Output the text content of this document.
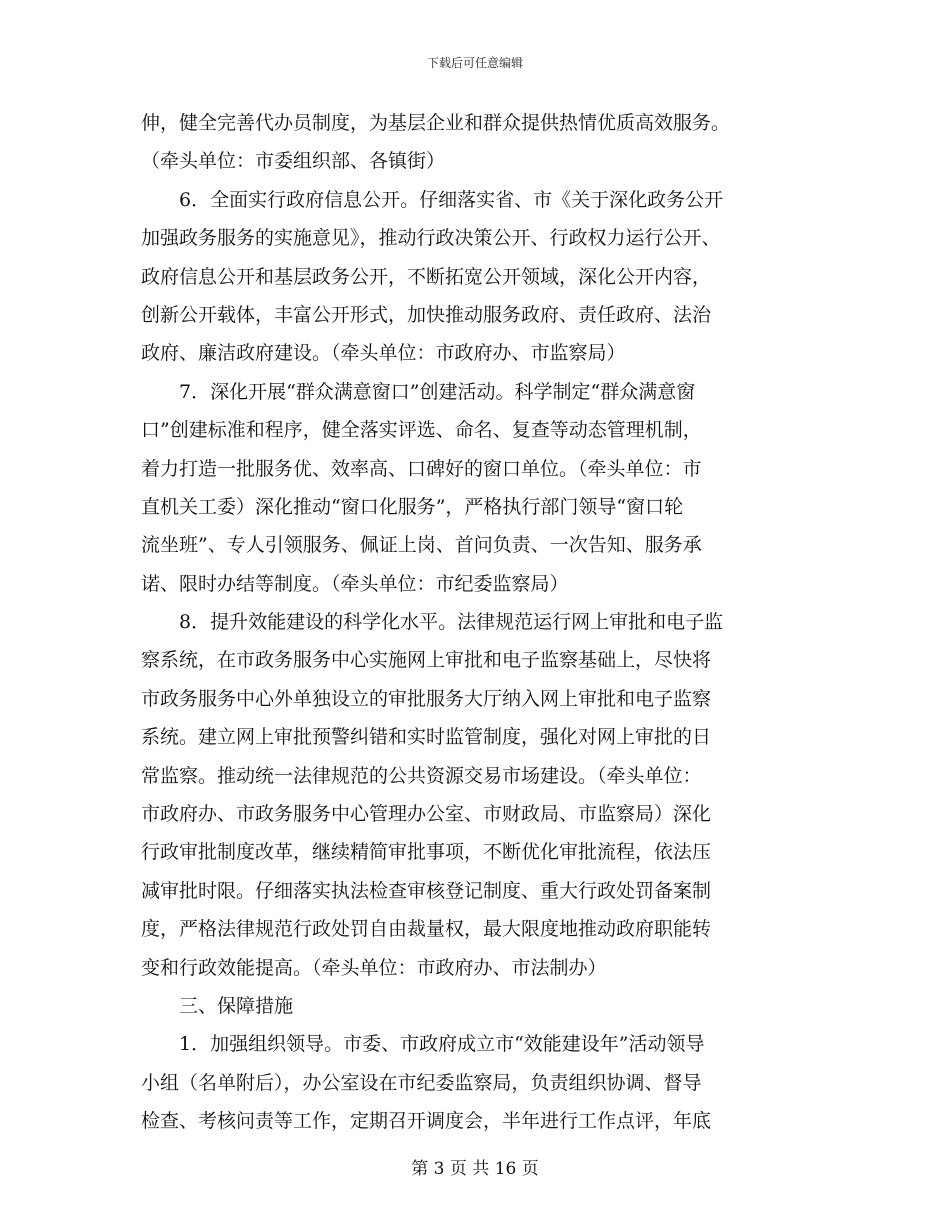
下载后可任意编辑
伸，健全完善代办员制度，为基层企业和群众提供热情优质高效服务。
（牵头单位：市委组织部、各镇街）
6．全面实行政府信息公开。仔细落实省、市《关于深化政务公开
加强政务服务的实施意见》，推动行政决策公开、行政权力运行公开、
政府信息公开和基层政务公开，不断拓宽公开领域，深化公开内容，
创新公开载体，丰富公开形式，加快推动服务政府、责任政府、法治
政府、廉洁政府建设。（牵头单位：市政府办、市监察局）
7．深化开展“群众满意窗口”创建活动。科学制定“群众满意窗
口”创建标准和程序，健全落实评选、命名、复查等动态管理机制，
着力打造一批服务优、效率高、口碑好的窗口单位。（牵头单位：市
直机关工委）深化推动“窗口化服务”，严格执行部门领导“窗口轮
流坐班”、专人引领服务、佩证上岗、首问负责、一次告知、服务承
诺、限时办结等制度。（牵头单位：市纪委监察局）
8．提升效能建设的科学化水平。法律规范运行网上审批和电子监
察系统，在市政务服务中心实施网上审批和电子监察基础上，尽快将
市政务服务中心外单独设立的审批服务大厅纳入网上审批和电子监察
系统。建立网上审批预警纠错和实时监管制度，强化对网上审批的日
常监察。推动统一法律规范的公共资源交易市场建设。（牵头单位：
市政府办、市政务服务中心管理办公室、市财政局、市监察局）深化
行政审批制度改革，继续精简审批事项，不断优化审批流程，依法压
减审批时限。仔细落实执法检查审核登记制度、重大行政处罚备案制
度，严格法律规范行政处罚自由裁量权，最大限度地推动政府职能转
变和行政效能提高。（牵头单位：市政府办、市法制办）
三、保障措施
1．加强组织领导。市委、市政府成立市“效能建设年”活动领导
小组（名单附后），办公室设在市纪委监察局，负责组织协调、督导
检查、考核问责等工作，定期召开调度会，半年进行工作点评，年底
第 3 页 共 16 页
